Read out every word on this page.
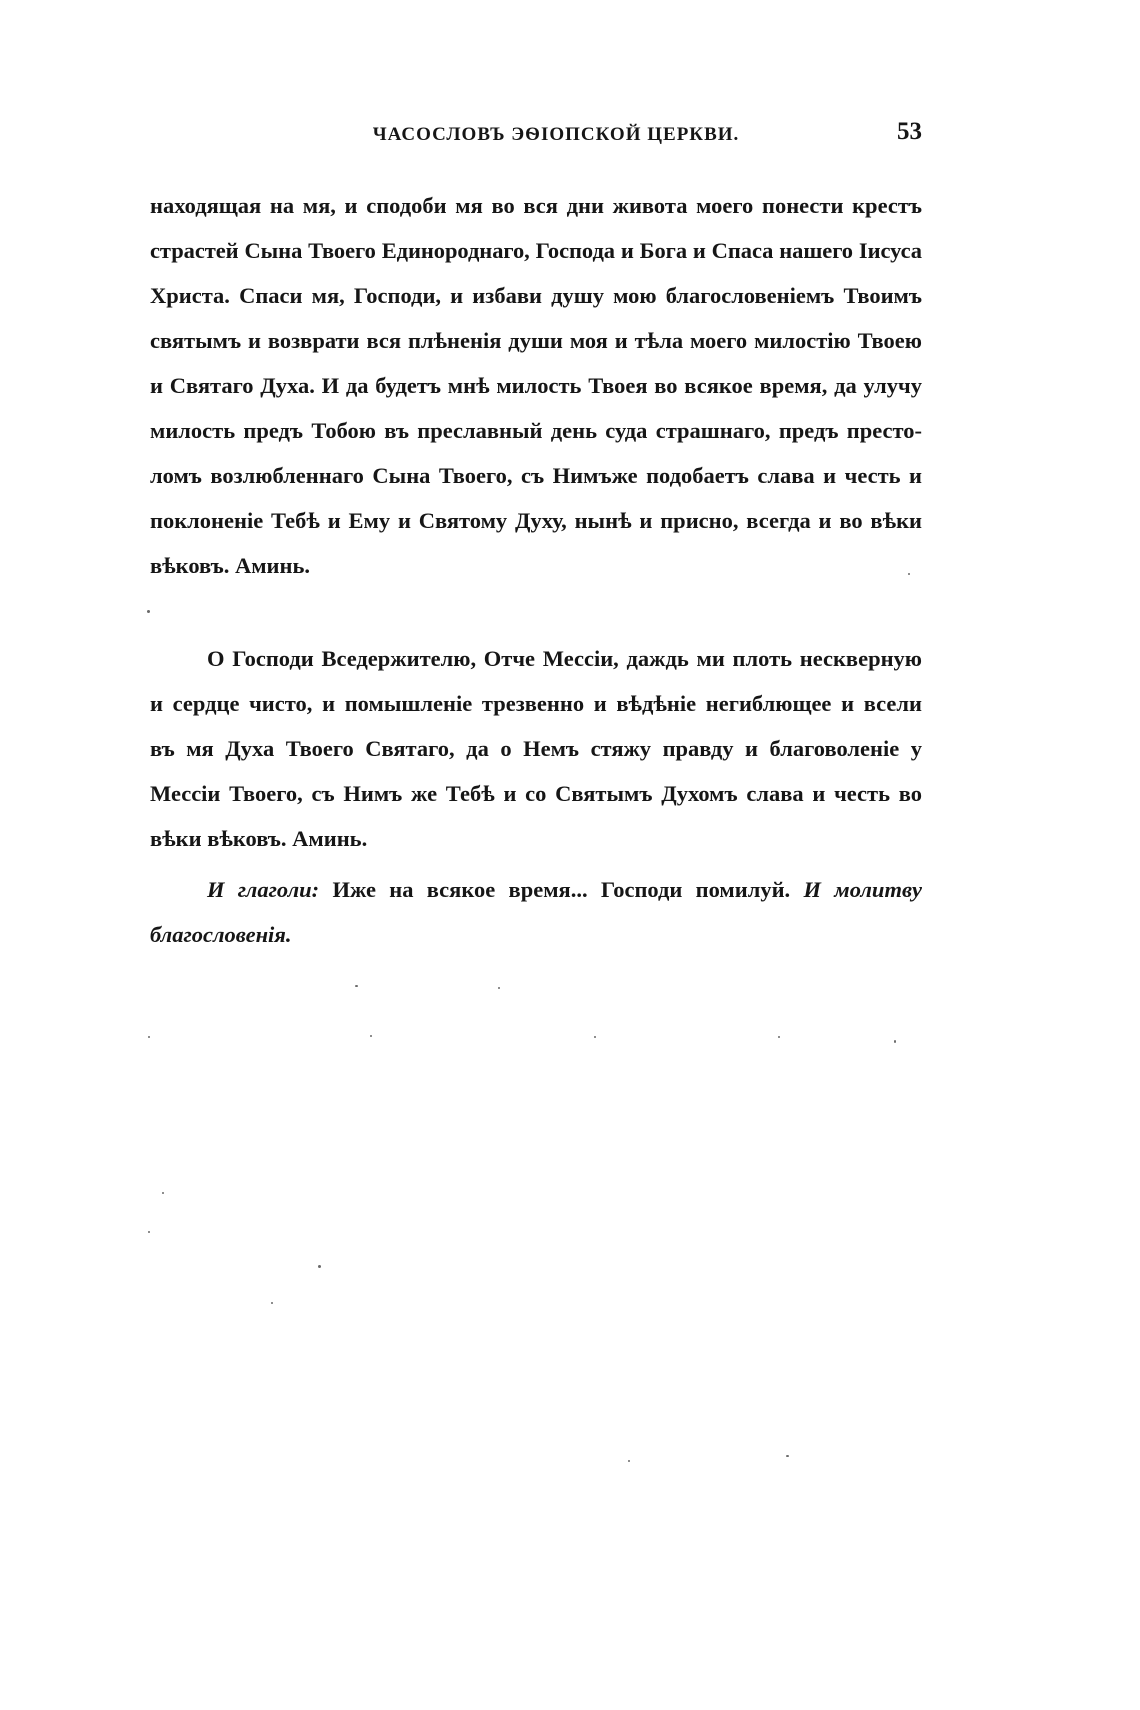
ЧАСОСЛОВЪ ЭѲIОПСКОЙ ЦЕРКВИ.	53
находящая на мя, и сподоби мя во вся дни живота моего понести крестъ
страстей Сына Твоего Единороднаго, Господа и Бога и Спаса нашего Iисуса
Христа. Спаси мя, Господи, и избави душу мою благословенiемъ Твоимъ
святымъ и возврати вся плѣненiя души моя и тѣла моего милостiю Твоею
и Святаго Духа. И да будетъ мнѣ милость Твоея во всякое время, да улучу
милость предъ Тобою въ преславный день суда страшнаго, предъ престо-
ломъ возлюбленнаго Сына Твоего, съ Нимъже подобаетъ слава и честь и
поклоненiе Тебѣ и Ему и Святому Духу, нынѣ и присно, всегда и во вѣки
вѣковъ. Аминь.
О Господи Вседержителю, Отче Мессiи, даждь ми плоть нескверную
и сердце чисто, и помышленiе трезвенно и вѣдѣнiе негиблющее и всели
въ мя Духа Твоего Святаго, да о Немъ стяжу правду и благоволенiе у
Мессiи Твоего, съ Нимъ же Тебѣ и со Святымъ Духомъ слава и честь во
вѣки вѣковъ. Аминь.
И глаголи: Иже на всякое время... Господи помилуй. И молитву
благословенiя.
